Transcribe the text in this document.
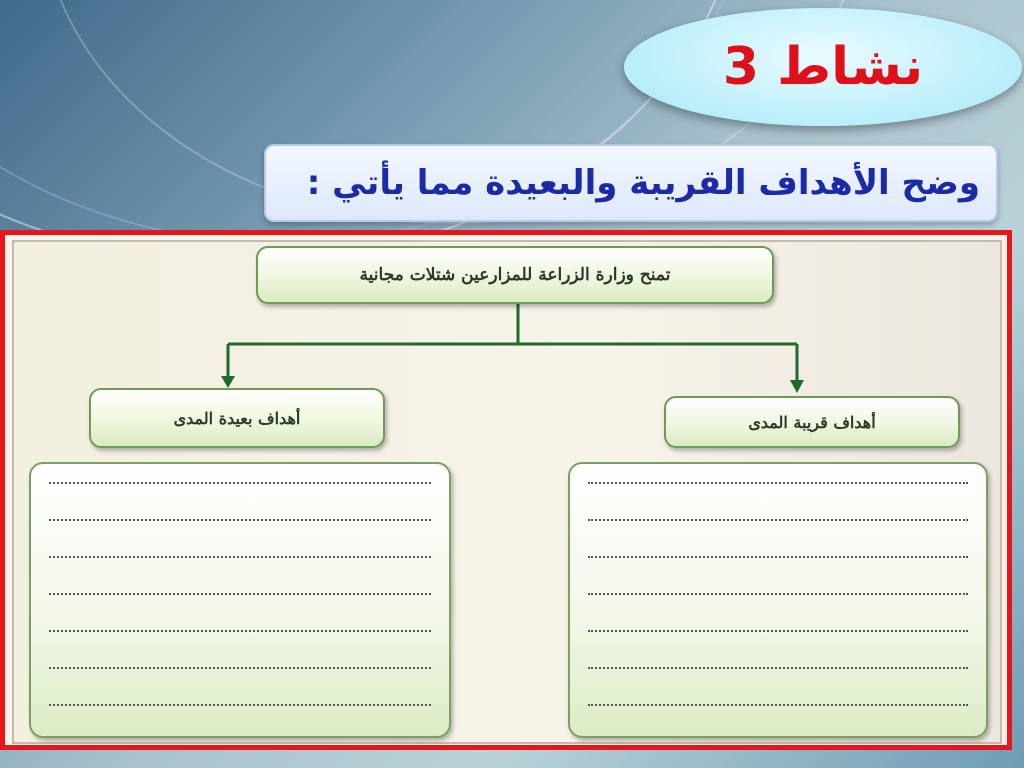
نشاط 3
وضح الأهداف القريبة والبعيدة مما يأتي :
تمنح وزارة الزراعة للمزارعين شتلات مجانية
أهداف بعيدة المدى	أهداف قريبة المدى
